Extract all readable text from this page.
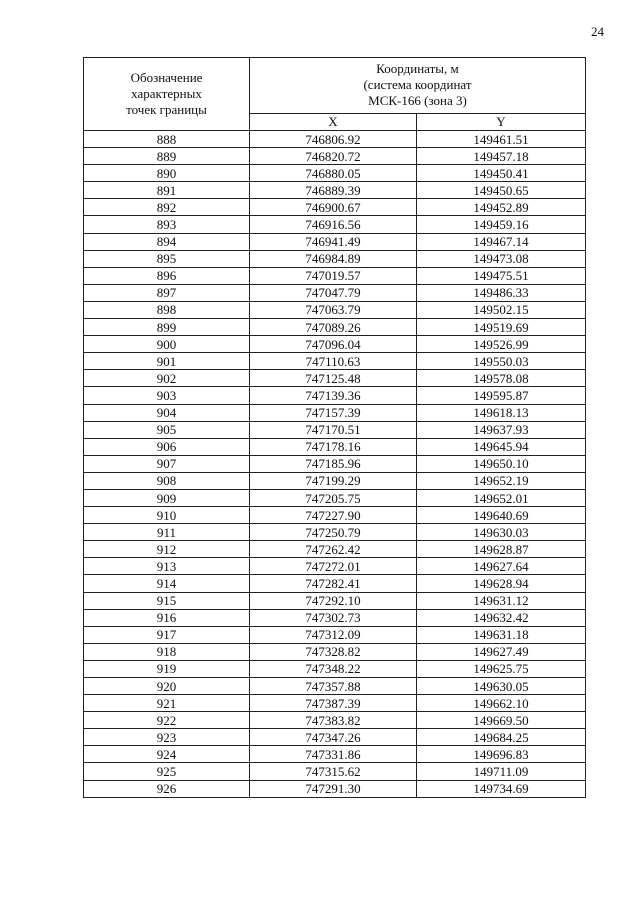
24
Обозначение
характерных
точек границы	Координаты, м
(система координат
МСК-166 (зона 3)	

	X	Y
888	746806.92	149461.51
889	746820.72	149457.18
890	746880.05	149450.41
891	746889.39	149450.65
892	746900.67	149452.89
893	746916.56	149459.16
894	746941.49	149467.14
895	746984.89	149473.08
896	747019.57	149475.51
897	747047.79	149486.33
898	747063.79	149502.15
899	747089.26	149519.69
900	747096.04	149526.99
901	747110.63	149550.03
902	747125.48	149578.08
903	747139.36	149595.87
904	747157.39	149618.13
905	747170.51	149637.93
906	747178.16	149645.94
907	747185.96	149650.10
908	747199.29	149652.19
909	747205.75	149652.01
910	747227.90	149640.69
911	747250.79	149630.03
912	747262.42	149628.87
913	747272.01	149627.64
914	747282.41	149628.94
915	747292.10	149631.12
916	747302.73	149632.42
917	747312.09	149631.18
918	747328.82	149627.49
919	747348.22	149625.75
920	747357.88	149630.05
921	747387.39	149662.10
922	747383.82	149669.50
923	747347.26	149684.25
924	747331.86	149696.83
925	747315.62	149711.09
926	747291.30	149734.69
